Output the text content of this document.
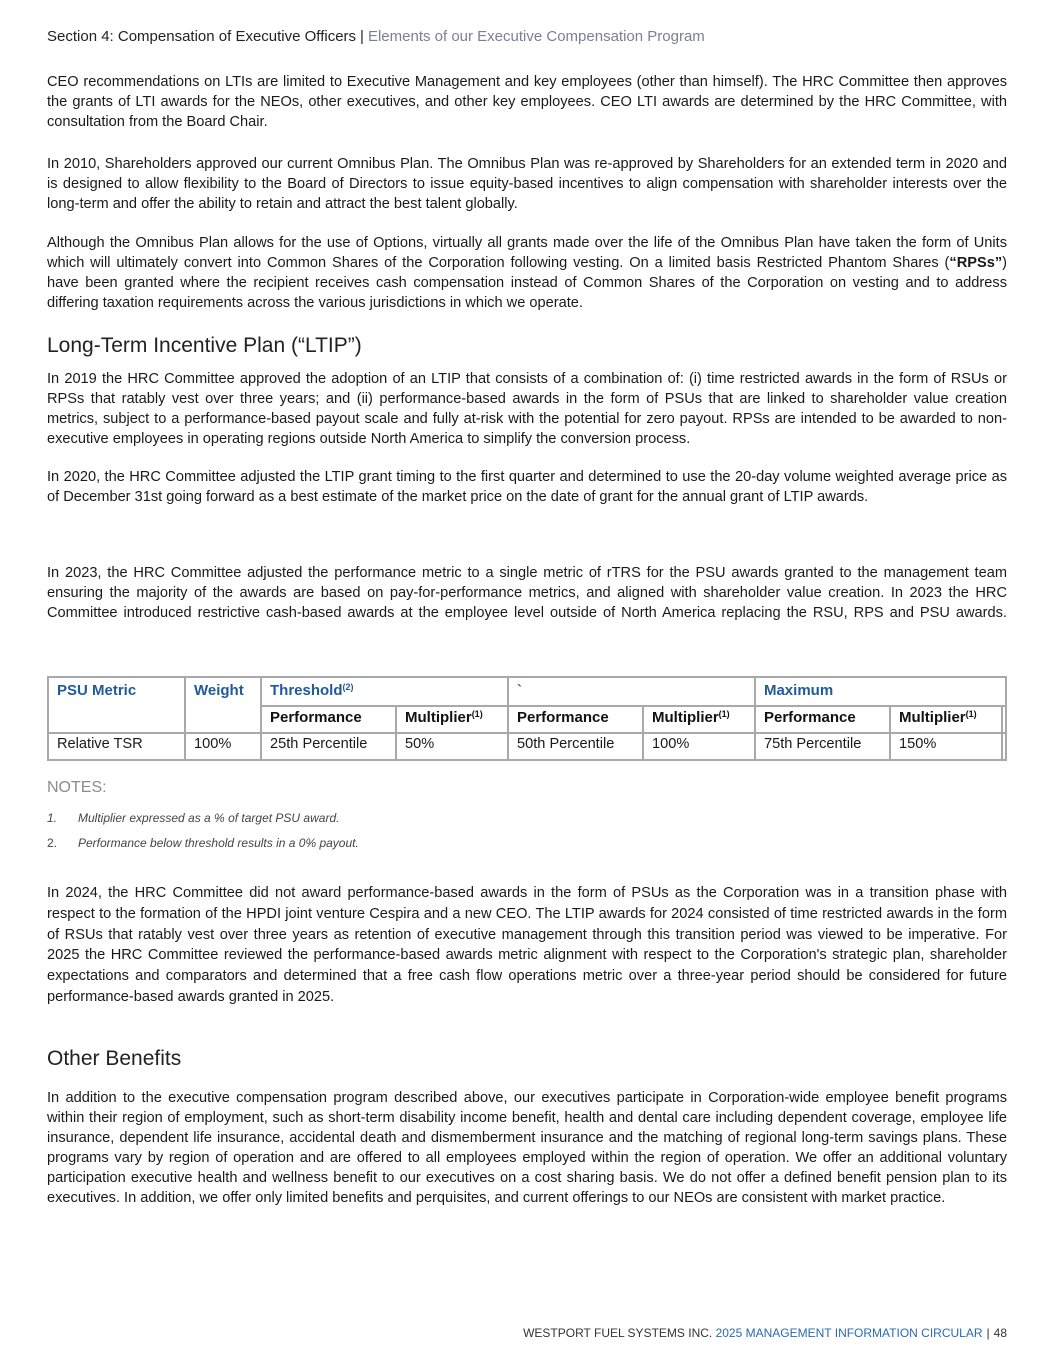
Section 4: Compensation of Executive Officers | Elements of our Executive Compensation Program

CEO recommendations on LTIs are limited to Executive Management and key employees (other than himself). The HRC Committee then approves the grants of LTI awards for the NEOs, other executives, and other key employees. CEO LTI awards are determined by the HRC Committee, with consultation from the Board Chair.

In 2010, Shareholders approved our current Omnibus Plan. The Omnibus Plan was re-approved by Shareholders for an extended term in 2020 and is designed to allow flexibility to the Board of Directors to issue equity-based incentives to align compensation with shareholder interests over the long-term and offer the ability to retain and attract the best talent globally.

Although the Omnibus Plan allows for the use of Options, virtually all grants made over the life of the Omnibus Plan have taken the form of Units which will ultimately convert into Common Shares of the Corporation following vesting. On a limited basis Restricted Phantom Shares (“RPSs”) have been granted where the recipient receives cash compensation instead of Common Shares of the Corporation on vesting and to address differing taxation requirements across the various jurisdictions in which we operate.

Long-Term Incentive Plan (“LTIP”)

In 2019 the HRC Committee approved the adoption of an LTIP that consists of a combination of: (i) time restricted awards in the form of RSUs or RPSs that ratably vest over three years; and (ii) performance-based awards in the form of PSUs that are linked to shareholder value creation metrics, subject to a performance-based payout scale and fully at-risk with the potential for zero payout. RPSs are intended to be awarded to non-executive employees in operating regions outside North America to simplify the conversion process.

In 2020, the HRC Committee adjusted the LTIP grant timing to the first quarter and determined to use the 20-day volume weighted average price as of December 31st going forward as a best estimate of the market price on the date of grant for the annual grant of LTIP awards.

In 2023, the HRC Committee adjusted the performance metric to a single metric of rTRS for the PSU awards granted to the management team ensuring the majority of the awards are based on pay-for-performance metrics, and aligned with shareholder value creation. In 2023 the HRC Committee introduced restrictive cash-based awards at the employee level outside of North America replacing the RSU, RPS and PSU awards.

PSU Metric	Weight	Threshold$^{(2)}$		`		Maximum		
		Performance	Multiplier$^{(1)}$	Performance	Multiplier$^{(1)}$	Performance	Multiplier$^{(1)}$	
Relative TSR	100%	25th Percentile	50%	50th Percentile	100%	75th Percentile	150%	
NOTES:
1. Multiplier expressed as a % of target PSU award.
2. Performance below threshold results in a 0% payout.

In 2024, the HRC Committee did not award performance-based awards in the form of PSUs as the Corporation was in a transition phase with respect to the formation of the HPDI joint venture Cespira and a new CEO. The LTIP awards for 2024 consisted of time restricted awards in the form of RSUs that ratably vest over three years as retention of executive management through this transition period was viewed to be imperative. For 2025 the HRC Committee reviewed the performance-based awards metric alignment with respect to the Corporation's strategic plan, shareholder expectations and comparators and determined that a free cash flow operations metric over a three-year period should be considered for future performance-based awards granted in 2025.

Other Benefits

In addition to the executive compensation program described above, our executives participate in Corporation-wide employee benefit programs within their region of employment, such as short-term disability income benefit, health and dental care including dependent coverage, employee life insurance, dependent life insurance, accidental death and dismemberment insurance and the matching of regional long-term savings plans. These programs vary by region of operation and are offered to all employees employed within the region of operation. We offer an additional voluntary participation executive health and wellness benefit to our executives on a cost sharing basis. We do not offer a defined benefit pension plan to its executives. In addition, we offer only limited benefits and perquisites, and current offerings to our NEOs are consistent with market practice.

WESTPORT FUEL SYSTEMS INC. 2025 MANAGEMENT INFORMATION CIRCULAR | 48
